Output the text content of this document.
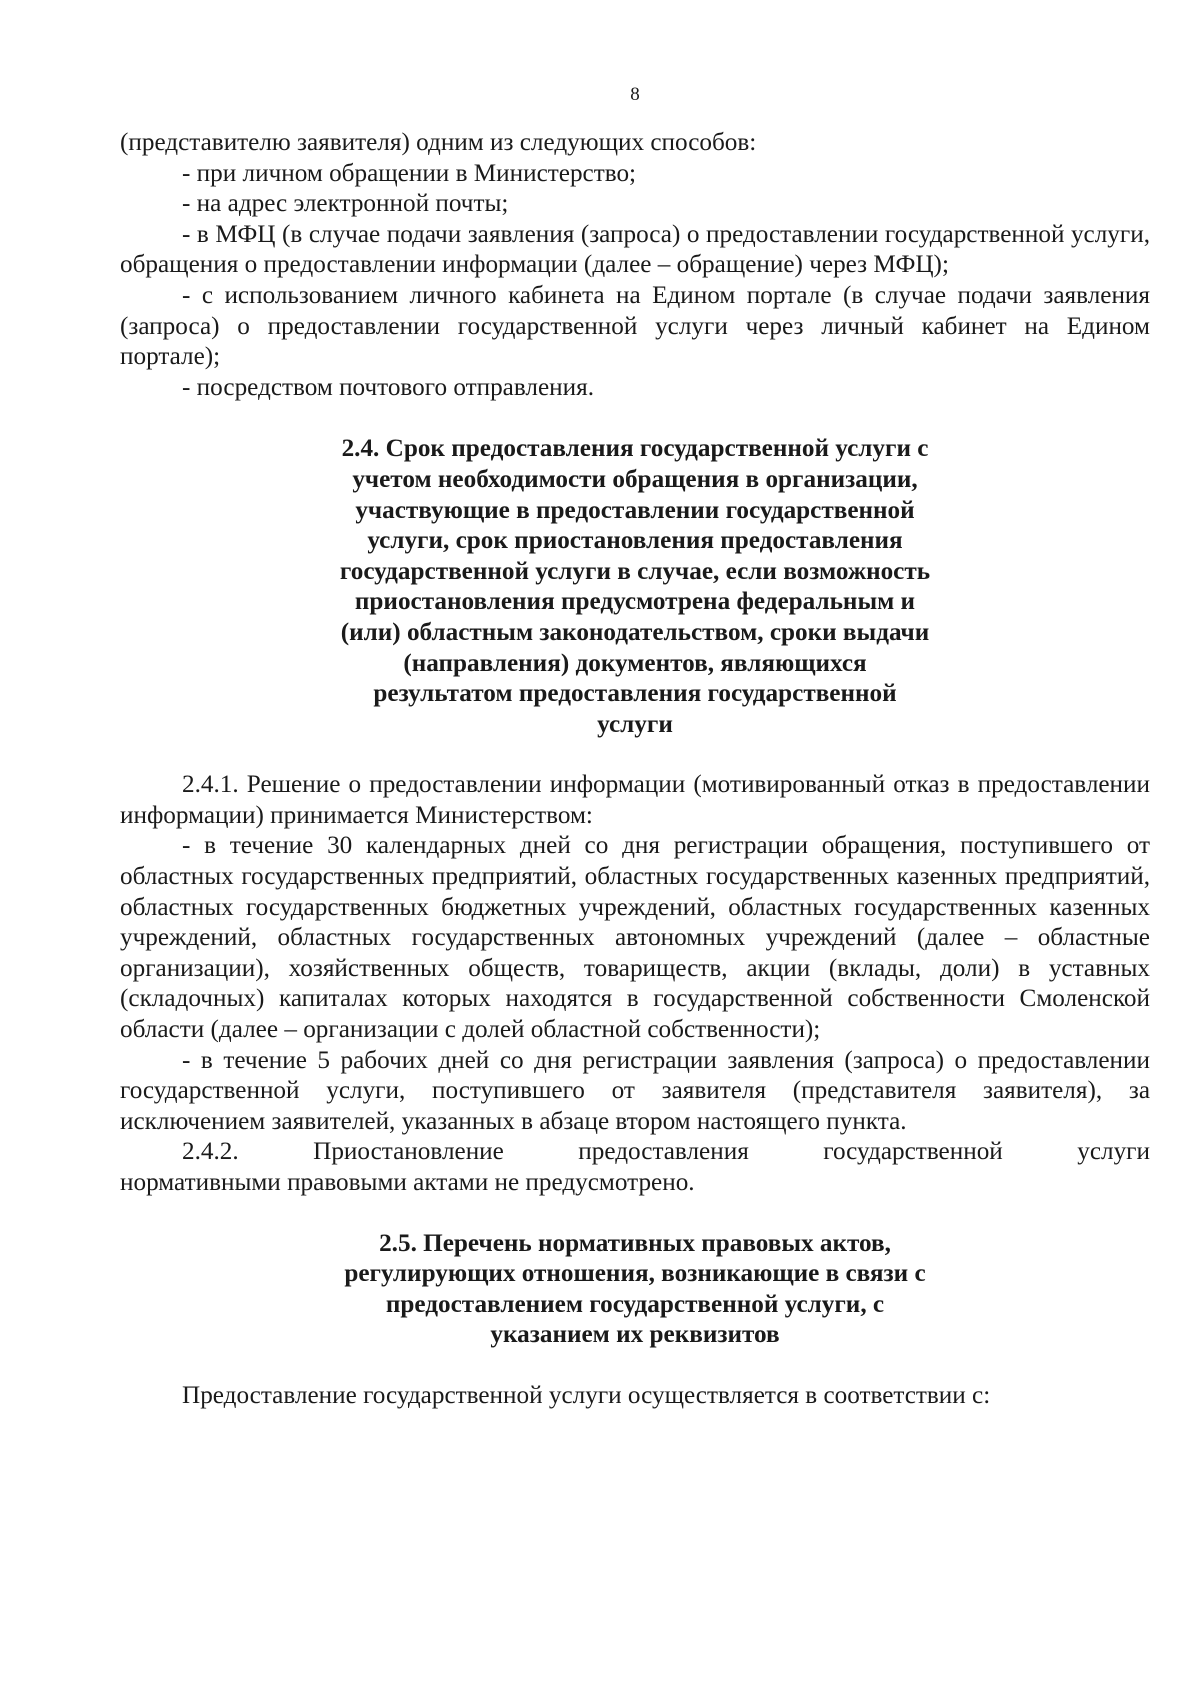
8

(представителю заявителя) одним из следующих способов:

- при личном обращении в Министерство;

- на адрес электронной почты;

- в МФЦ (в случае подачи заявления (запроса) о предоставлении государственной услуги, обращения о предоставлении информации (далее – обращение) через МФЦ);

- с использованием личного кабинета на Едином портале (в случае подачи заявления (запроса) о предоставлении государственной услуги через личный кабинет на Едином портале);

- посредством почтового отправления.

2.4. Срок предоставления государственной услуги с
учетом необходимости обращения в организации,
участвующие в предоставлении государственной
услуги, срок приостановления предоставления
государственной услуги в случае, если возможность
приостановления предусмотрена федеральным и
(или) областным законодательством, сроки выдачи
(направления) документов, являющихся
результатом предоставления государственной
услуги

2.4.1. Решение о предоставлении информации (мотивированный отказ в предоставлении информации) принимается Министерством:

- в течение 30 календарных дней со дня регистрации обращения, поступившего от областных государственных предприятий, областных государственных казенных предприятий, областных государственных бюджетных учреждений, областных государственных казенных учреждений, областных государственных автономных учреждений (далее – областные организации), хозяйственных обществ, товариществ, акции (вклады, доли) в уставных (складочных) капиталах которых находятся в государственной собственности Смоленской области (далее – организации с долей областной собственности);

- в течение 5 рабочих дней со дня регистрации заявления (запроса) о предоставлении государственной услуги, поступившего от заявителя (представителя заявителя), за исключением заявителей, указанных в абзаце втором настоящего пункта.

2.4.2. Приостановление предоставления государственной услуги

нормативными правовыми актами не предусмотрено.

2.5. Перечень нормативных правовых актов,
регулирующих отношения, возникающие в связи с
предоставлением государственной услуги, с
указанием их реквизитов

Предоставление государственной услуги осуществляется в соответствии с:
